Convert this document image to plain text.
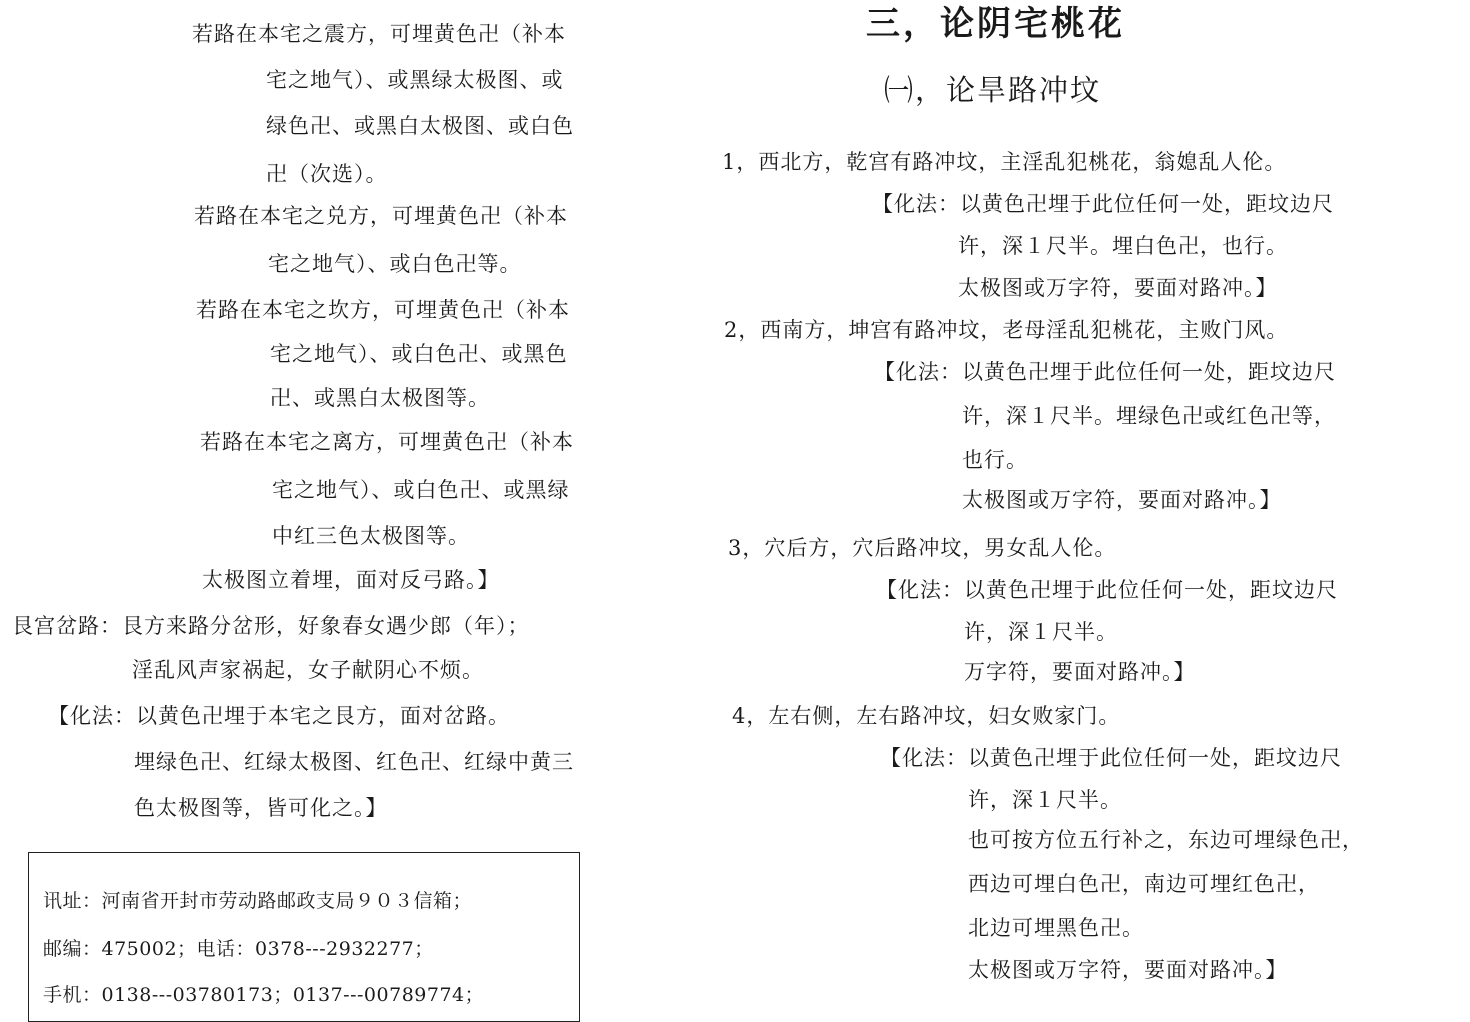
若路在本宅之震方，可埋黄色卍（补本
宅之地气）、或黑绿太极图、或
绿色卍、或黑白太极图、或白色
卍（次选）。
若路在本宅之兑方，可埋黄色卍（补本
宅之地气）、或白色卍等。
若路在本宅之坎方，可埋黄色卍（补本
宅之地气）、或白色卍、或黑色
卍、或黑白太极图等。
若路在本宅之离方，可埋黄色卍（补本
宅之地气）、或白色卍、或黑绿
中红三色太极图等。
太极图立着埋，面对反弓路。】
艮宫岔路：艮方来路分岔形，好象春女遇少郎（年）；
淫乱风声家祸起，女子献阴心不烦。
【化法：以黄色卍埋于本宅之艮方，面对岔路。
埋绿色卍、红绿太极图、红色卍、红绿中黄三
色太极图等，皆可化之。】
讯址：河南省开封市劳动路邮政支局９０３信箱；
邮编：475002；电话：0378---2932277；
手机：0138---03780173；0137---00789774；
三，论阴宅桃花
㈠，论旱路冲坟
1，西北方，乾宫有路冲坟，主淫乱犯桃花，翁媳乱人伦。
【化法：以黄色卍埋于此位任何一处，距坟边尺
许，深１尺半。埋白色卍，也行。
太极图或万字符，要面对路冲。】
2，西南方，坤宫有路冲坟，老母淫乱犯桃花，主败门风。
【化法：以黄色卍埋于此位任何一处，距坟边尺
许，深１尺半。埋绿色卍或红色卍等，
也行。
太极图或万字符，要面对路冲。】
3，穴后方，穴后路冲坟，男女乱人伦。
【化法：以黄色卍埋于此位任何一处，距坟边尺
许，深１尺半。
万字符，要面对路冲。】
4，左右侧，左右路冲坟，妇女败家门。
【化法：以黄色卍埋于此位任何一处，距坟边尺
许，深１尺半。
也可按方位五行补之，东边可埋绿色卍，
西边可埋白色卍，南边可埋红色卍，
北边可埋黑色卍。
太极图或万字符，要面对路冲。】
